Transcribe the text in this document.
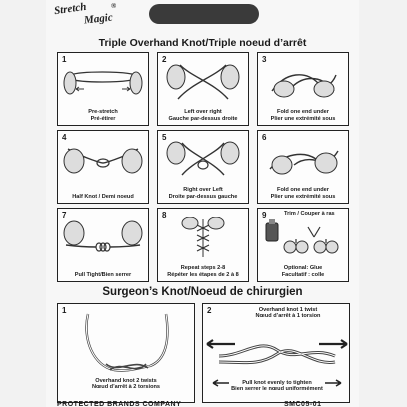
Stretch	®
Magic
Triple Overhand Knot/Triple noeud d’arrêt
1
Pre-stretch
Pré-étirer
2
Left over right
Gauche par-dessus droite
3
Fold one end under
Plier une extrémité sous
4
Half Knot / Demi noeud
5
Right over Left
Droite par-dessus gauche
6
Fold one end under
Plier une extrémité sous
7
Pull Tight/Bien serrer
8
Repeat steps 2-8
Répéter les étapes de 2 à 8
9	Trim / Couper à ras
Optional: Glue
Facultatif : colle
Surgeon’s Knot/Noeud de chirurgien
1
Overhand knot 2 twists
Nœud d’arrêt à 2 torsions
2	Overhand knot 1 twist
Nœud d’arrêt à 1 torsion
Pull knot evenly to tighten
Bien serrer le nœud uniformément
PROTECTED BRANDS COMPANY	SMC05-01
